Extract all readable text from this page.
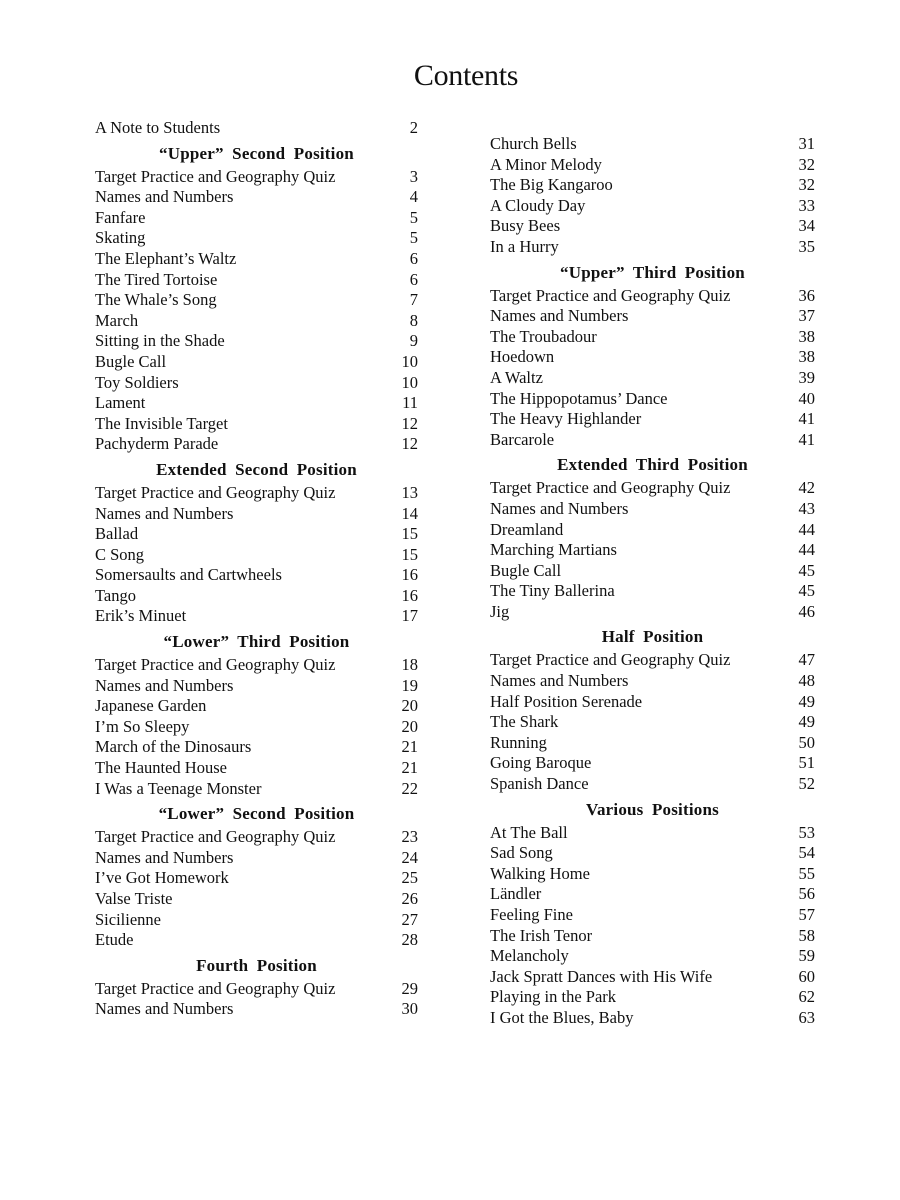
Contents
A Note to Students	2
“Upper” Second Position
Target Practice and Geography Quiz	3
Names and Numbers	4
Fanfare	5
Skating	5
The Elephant’s Waltz	6
The Tired Tortoise	6
The Whale’s Song	7
March	8
Sitting in the Shade	9
Bugle Call	10
Toy Soldiers	10
Lament	11
The Invisible Target	12
Pachyderm Parade	12
Extended Second Position
Target Practice and Geography Quiz	13
Names and Numbers	14
Ballad	15
C Song	15
Somersaults and Cartwheels	16
Tango	16
Erik’s Minuet	17
“Lower” Third Position
Target Practice and Geography Quiz	18
Names and Numbers	19
Japanese Garden	20
I’m So Sleepy	20
March of the Dinosaurs	21
The Haunted House	21
I Was a Teenage Monster	22
“Lower” Second Position
Target Practice and Geography Quiz	23
Names and Numbers	24
I’ve Got Homework	25
Valse Triste	26
Sicilienne	27
Etude	28
Fourth Position
Target Practice and Geography Quiz	29
Names and Numbers	30
Church Bells	31
A Minor Melody	32
The Big Kangaroo	32
A Cloudy Day	33
Busy Bees	34
In a Hurry	35
“Upper” Third Position
Target Practice and Geography Quiz	36
Names and Numbers	37
The Troubadour	38
Hoedown	38
A Waltz	39
The Hippopotamus’ Dance	40
The Heavy Highlander	41
Barcarole	41
Extended Third Position
Target Practice and Geography Quiz	42
Names and Numbers	43
Dreamland	44
Marching Martians	44
Bugle Call	45
The Tiny Ballerina	45
Jig	46
Half Position
Target Practice and Geography Quiz	47
Names and Numbers	48
Half Position Serenade	49
The Shark	49
Running	50
Going Baroque	51
Spanish Dance	52
Various Positions
At The Ball	53
Sad Song	54
Walking Home	55
Ländler	56
Feeling Fine	57
The Irish Tenor	58
Melancholy	59
Jack Spratt Dances with His Wife	60
Playing in the Park	62
I Got the Blues, Baby	63
